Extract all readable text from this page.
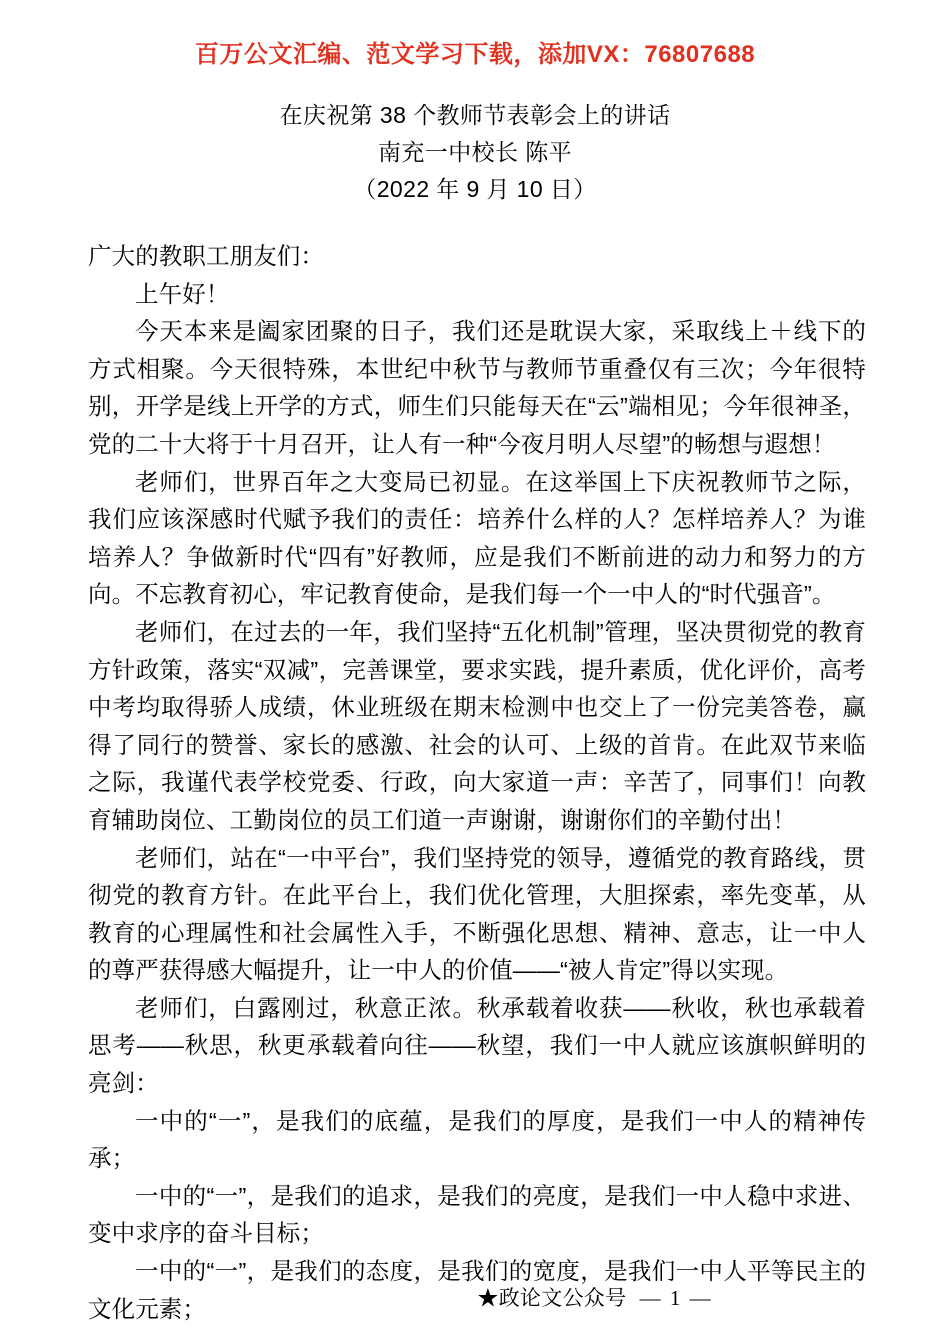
百万公文汇编、范文学习下载，添加VX：76807688
在庆祝第 38 个教师节表彰会上的讲话
南充一中校长 陈平
（2022 年 9 月 10 日）

广大的教职工朋友们：

上午好！

今天本来是阖家团聚的日子，我们还是耽误大家，采取线上＋线下的方式相聚。今天很特殊，本世纪中秋节与教师节重叠仅有三次；今年很特别，开学是线上开学的方式，师生们只能每天在“云”端相见；今年很神圣，党的二十大将于十月召开，让人有一种“今夜月明人尽望”的畅想与遐想！

老师们，世界百年之大变局已初显。在这举国上下庆祝教师节之际，我们应该深感时代赋予我们的责任：培养什么样的人？怎样培养人？为谁培养人？争做新时代“四有”好教师，应是我们不断前进的动力和努力的方向。不忘教育初心，牢记教育使命，是我们每一个一中人的“时代强音”。

老师们，在过去的一年，我们坚持“五化机制”管理，坚决贯彻党的教育方针政策，落实“双减”，完善课堂，要求实践，提升素质，优化评价，高考中考均取得骄人成绩，休业班级在期末检测中也交上了一份完美答卷，赢得了同行的赞誉、家长的感激、社会的认可、上级的首肯。在此双节来临之际，我谨代表学校党委、行政，向大家道一声：辛苦了，同事们！向教育辅助岗位、工勤岗位的员工们道一声谢谢，谢谢你们的辛勤付出！

老师们，站在“一中平台”，我们坚持党的领导，遵循党的教育路线，贯彻党的教育方针。在此平台上，我们优化管理，大胆探索，率先变革，从教育的心理属性和社会属性入手，不断强化思想、精神、意志，让一中人的尊严获得感大幅提升，让一中人的价值——“被人肯定”得以实现。

老师们，白露刚过，秋意正浓。秋承载着收获——秋收，秋也承载着思考——秋思，秋更承载着向往——秋望，我们一中人就应该旗帜鲜明的亮剑：

一中的“一”，是我们的底蕴，是我们的厚度，是我们一中人的精神传承；

一中的“一”，是我们的追求，是我们的亮度，是我们一中人稳中求进、变中求序的奋斗目标；

一中的“一”，是我们的态度，是我们的宽度，是我们一中人平等民主的文化元素；	★政论文公众号 — 1 —
